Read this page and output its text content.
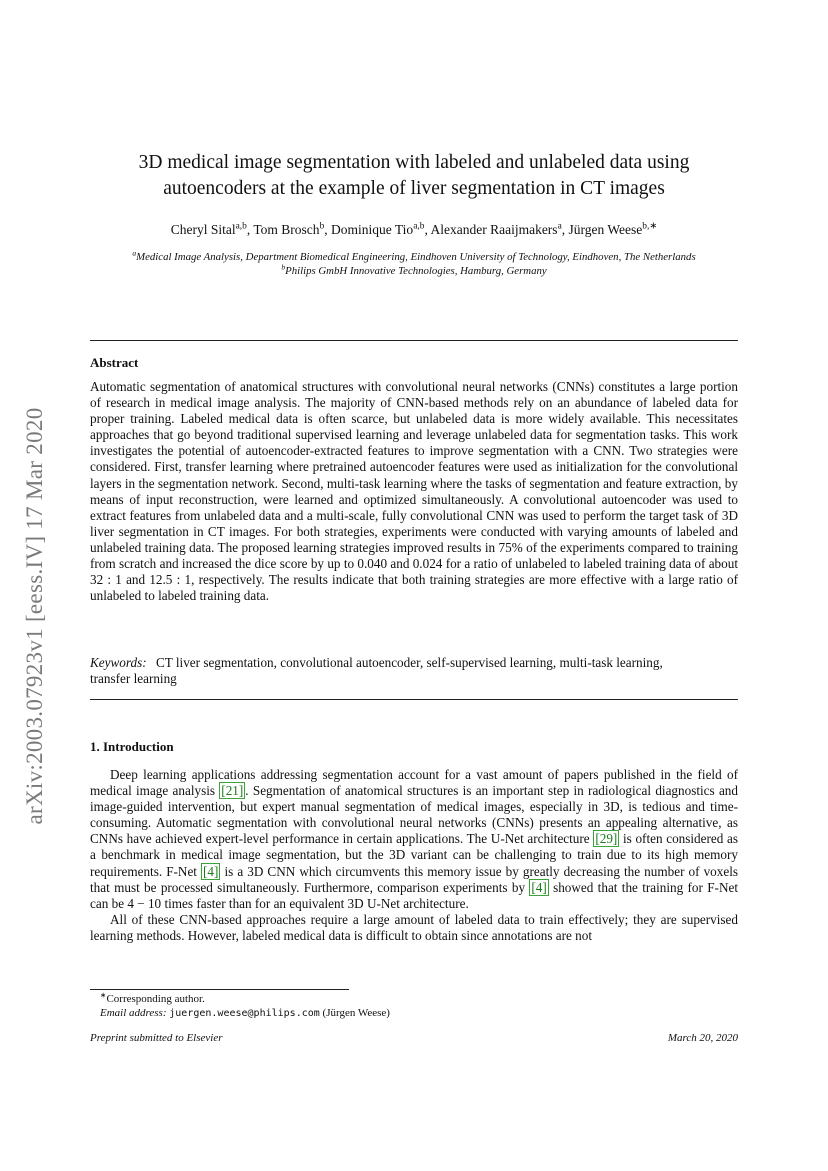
arXiv:2003.07923v1 [eess.IV] 17 Mar 2020
3D medical image segmentation with labeled and unlabeled data using
autoencoders at the example of liver segmentation in CT images
Cheryl Sital$^{a,b}$, Tom Brosch$^b$, Dominique Tio$^{a,b}$, Alexander Raaijmakers$^a$, Jürgen Weese$^{b,∗}$
$^a$Medical Image Analysis, Department Biomedical Engineering, Eindhoven University of Technology, Eindhoven, The Netherlands
$^b$Philips GmbH Innovative Technologies, Hamburg, Germany
Abstract
Automatic segmentation of anatomical structures with convolutional neural networks (CNNs) constitutes a large portion of research in medical image analysis. The majority of CNN-based methods rely on an abundance of labeled data for proper training. Labeled medical data is often scarce, but unlabeled data is more widely available. This necessitates approaches that go beyond traditional supervised learning and leverage unlabeled data for segmentation tasks. This work investigates the potential of autoencoder-extracted features to improve segmentation with a CNN. Two strategies were considered. First, transfer learning where pretrained autoencoder features were used as initialization for the convolutional layers in the segmentation network. Second, multi-task learning where the tasks of segmentation and feature extraction, by means of input reconstruction, were learned and optimized simultaneously. A convolutional autoencoder was used to extract features from unlabeled data and a multi-scale, fully convolutional CNN was used to perform the target task of 3D liver segmentation in CT images. For both strategies, experiments were conducted with varying amounts of labeled and unlabeled training data. The proposed learning strategies improved results in 75% of the experiments compared to training from scratch and increased the dice score by up to 0.040 and 0.024 for a ratio of unlabeled to labeled training data of about 32 : 1 and 12.5 : 1, respectively. The results indicate that both training strategies are more effective with a large ratio of unlabeled to labeled training data.
Keywords: CT liver segmentation, convolutional autoencoder, self-supervised learning, multi-task learning, transfer learning
1. Introduction

Deep learning applications addressing segmentation account for a vast amount of papers published in the field of medical image analysis [21] . Segmentation of anatomical structures is an important step in radiological diagnostics and image-guided intervention, but expert manual segmentation of medical images, especially in 3D, is tedious and time-consuming. Automatic segmentation with convolutional neural networks (CNNs) presents an appealing alternative, as CNNs have achieved expert-level performance in certain applications. The U-Net architecture [29] is often considered as a benchmark in medical image segmentation, but the 3D variant can be challenging to train due to its high memory requirements. F-Net [4] is a 3D CNN which circumvents this memory issue by greatly decreasing the number of voxels that must be processed simultaneously. Furthermore, comparison experiments by [4] showed that the training for F-Net can be 4 − 10 times faster than for an equivalent 3D U-Net architecture.

All of these CNN-based approaches require a large amount of labeled data to train effectively; they are supervised learning methods. However, labeled medical data is difficult to obtain since annotations are not

∗Corresponding author.
Email address: juergen.weese@philips.com (Jürgen Weese)
Preprint submitted to Elsevier	March 20, 2020
